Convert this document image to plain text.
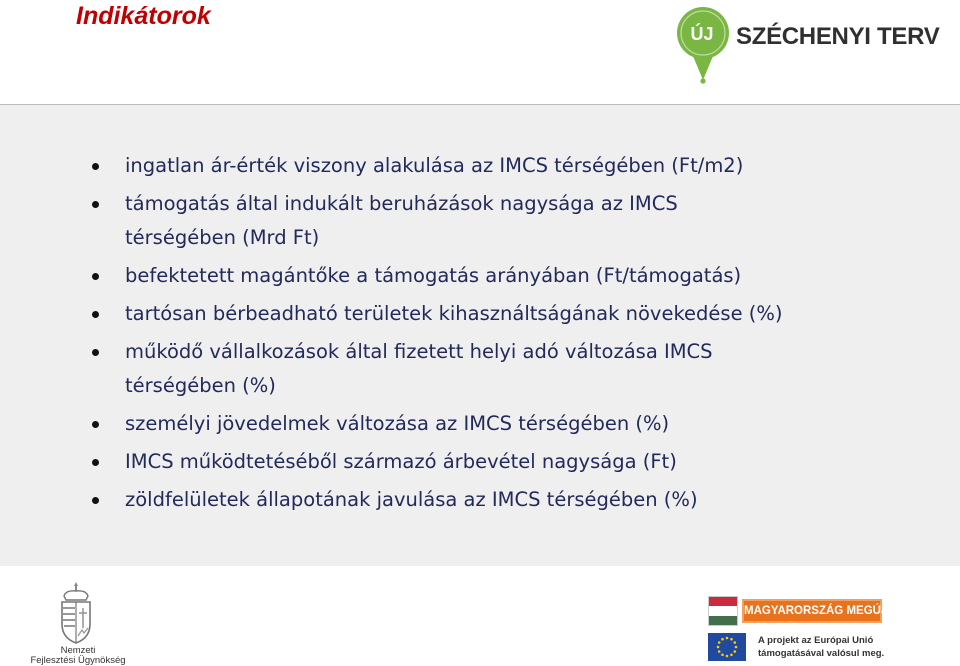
Indikátorok
ÚJ SZÉCHENYI TERV
ingatlan ár-érték viszony alakulása az IMCS térségében (Ft/m2)
támogatás által indukált beruházások nagysága az IMCS
térségében (Mrd Ft)
befektetett magántőke a támogatás arányában (Ft/támogatás)
tartósan bérbeadható területek kihasználtságának növekedése (%)
működő vállalkozások által fizetett helyi adó változása IMCS
térségében (%)
személyi jövedelmek változása az IMCS térségében (%)
IMCS működtetéséből származó árbevétel nagysága (Ft)
zöldfelületek állapotának javulása az IMCS térségében (%)
Nemzeti
Fejlesztési Ügynökség
MAGYARORSZÁG MEGÚJUL
A projekt az Európai Unió
támogatásával valósul meg.
